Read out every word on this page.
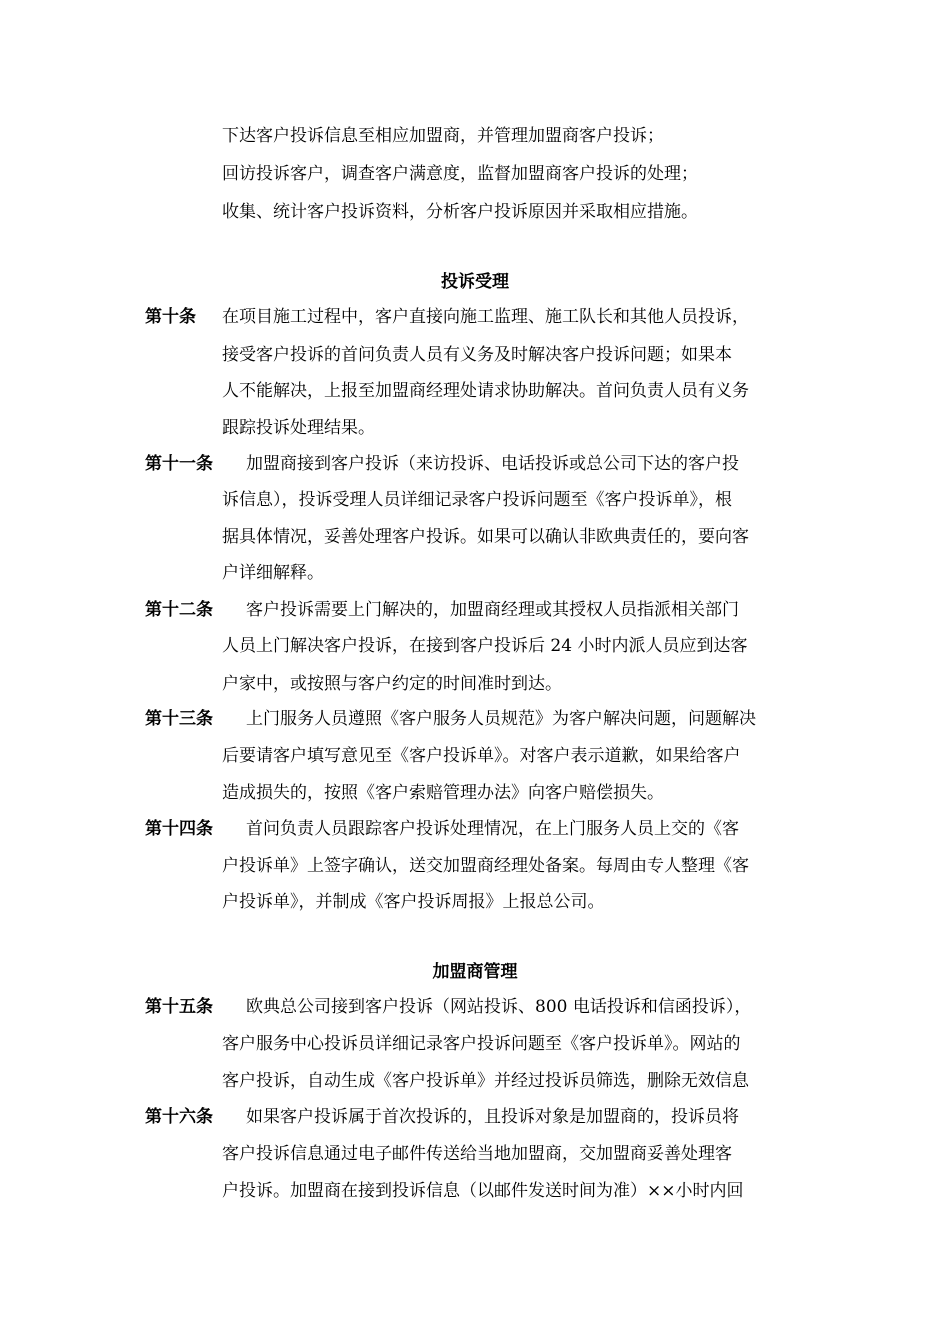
下达客户投诉信息至相应加盟商，并管理加盟商客户投诉；
回访投诉客户，调查客户满意度，监督加盟商客户投诉的处理；
收集、统计客户投诉资料，分析客户投诉原因并采取相应措施。
投诉受理
第十条 在项目施工过程中，客户直接向施工监理、施工队长和其他人员投诉，
接受客户投诉的首问负责人员有义务及时解决客户投诉问题；如果本
人不能解决，上报至加盟商经理处请求协助解决。首问负责人员有义务
跟踪投诉处理结果。
第十一条 加盟商接到客户投诉（来访投诉、电话投诉或总公司下达的客户投
诉信息），投诉受理人员详细记录客户投诉问题至《客户投诉单》，根
据具体情况，妥善处理客户投诉。如果可以确认非欧典责任的，要向客
户详细解释。
第十二条 客户投诉需要上门解决的，加盟商经理或其授权人员指派相关部门
人员上门解决客户投诉，在接到客户投诉后 24 小时内派人员应到达客
户家中，或按照与客户约定的时间准时到达。
第十三条 上门服务人员遵照《客户服务人员规范》为客户解决问题，问题解决
后要请客户填写意见至《客户投诉单》。对客户表示道歉，如果给客户
造成损失的，按照《客户索赔管理办法》向客户赔偿损失。
第十四条 首问负责人员跟踪客户投诉处理情况，在上门服务人员上交的《客
户投诉单》上签字确认，送交加盟商经理处备案。每周由专人整理《客
户投诉单》，并制成《客户投诉周报》上报总公司。
加盟商管理
第十五条 欧典总公司接到客户投诉（网站投诉、800 电话投诉和信函投诉），
客户服务中心投诉员详细记录客户投诉问题至《客户投诉单》。网站的
客户投诉，自动生成《客户投诉单》并经过投诉员筛选，删除无效信息
第十六条 如果客户投诉属于首次投诉的，且投诉对象是加盟商的，投诉员将
客户投诉信息通过电子邮件传送给当地加盟商，交加盟商妥善处理客
户投诉。加盟商在接到投诉信息（以邮件发送时间为准）××小时内回
